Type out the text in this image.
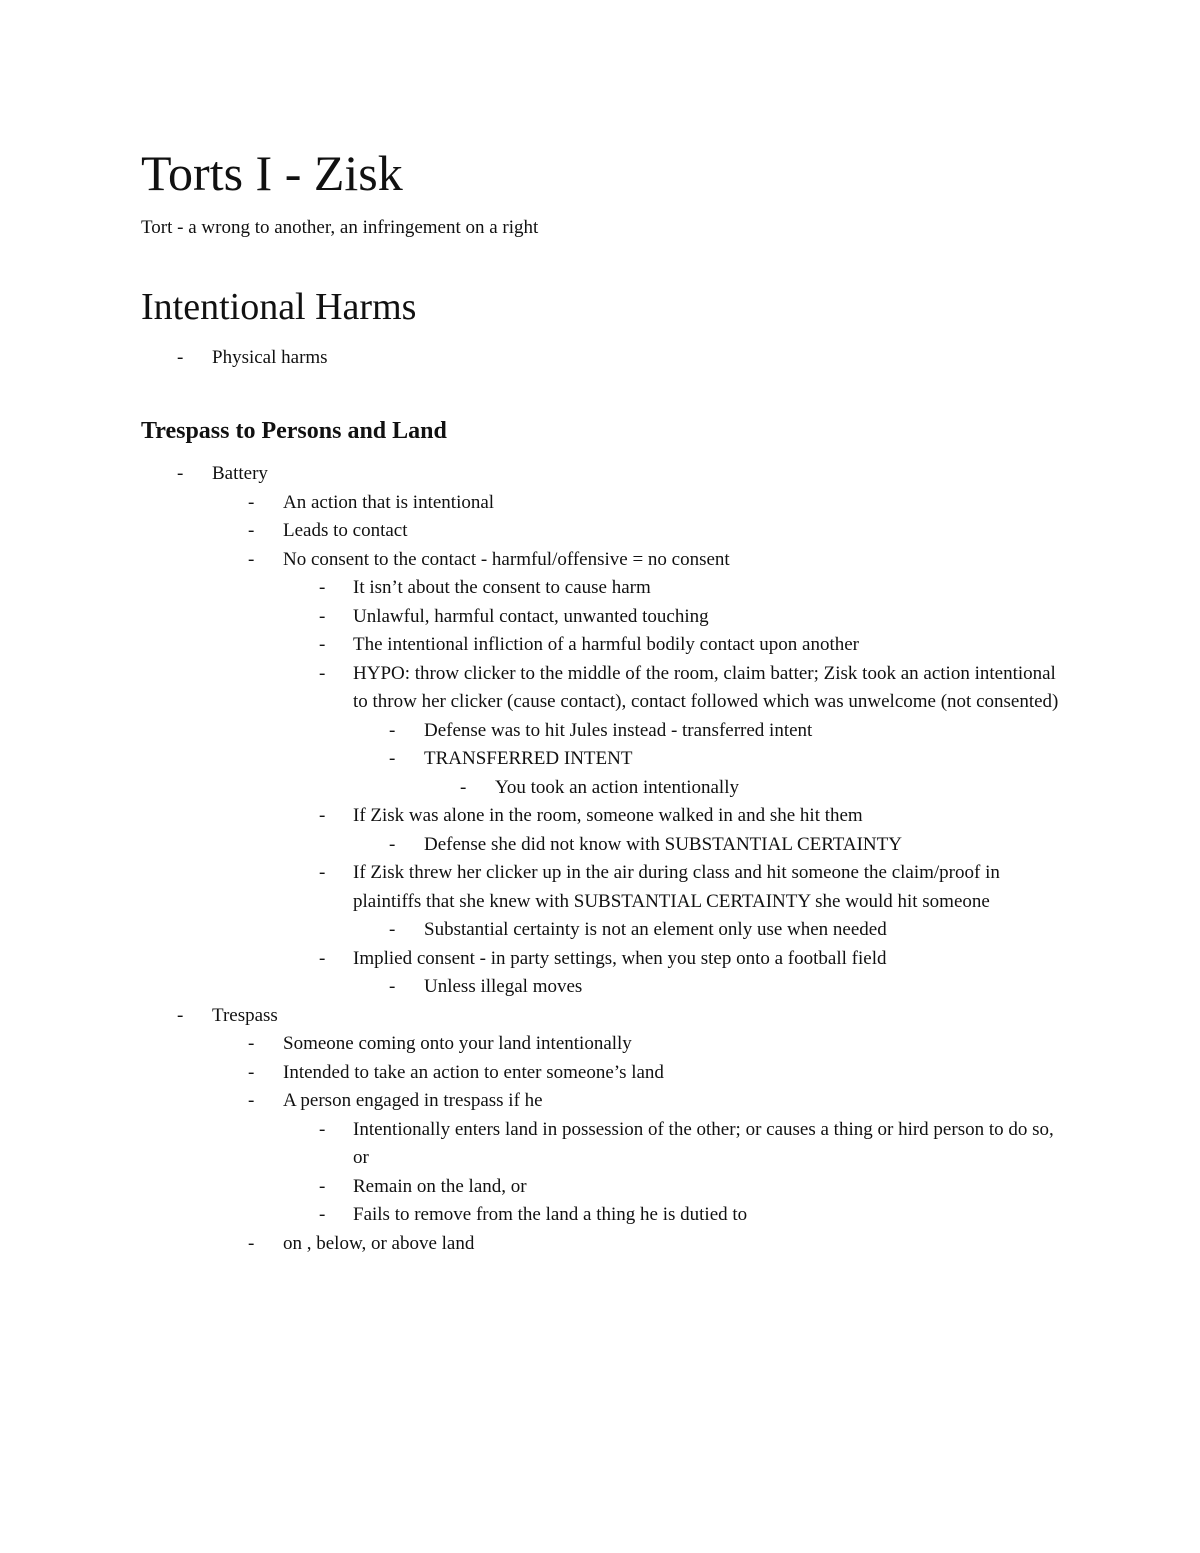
Torts I - Zisk

Tort - a wrong to another, an infringement on a right

Intentional Harms
- Physical harms
Trespass to Persons and Land
- Battery
- An action that is intentional
- Leads to contact
- No consent to the contact - harmful/offensive = no consent
- It isn’t about the consent to cause harm
- Unlawful, harmful contact, unwanted touching
- The intentional infliction of a harmful bodily contact upon another
- HYPO: throw clicker to the middle of the room, claim batter; Zisk took an action intentional to throw her clicker (cause contact), contact followed which was unwelcome (not consented)
- Defense was to hit Jules instead - transferred intent
- TRANSFERRED INTENT
- You took an action intentionally
- If Zisk was alone in the room, someone walked in and she hit them
- Defense she did not know with SUBSTANTIAL CERTAINTY
- If Zisk threw her clicker up in the air during class and hit someone the claim/proof in plaintiffs that she knew with SUBSTANTIAL CERTAINTY she would hit someone
- Substantial certainty is not an element only use when needed
- Implied consent - in party settings, when you step onto a football field
- Unless illegal moves
- Trespass
- Someone coming onto your land intentionally
- Intended to take an action to enter someone’s land
- A person engaged in trespass if he
- Intentionally enters land in possession of the other; or causes a thing or hird person to do so, or
- Remain on the land, or
- Fails to remove from the land a thing he is dutied to
- on , below, or above land
